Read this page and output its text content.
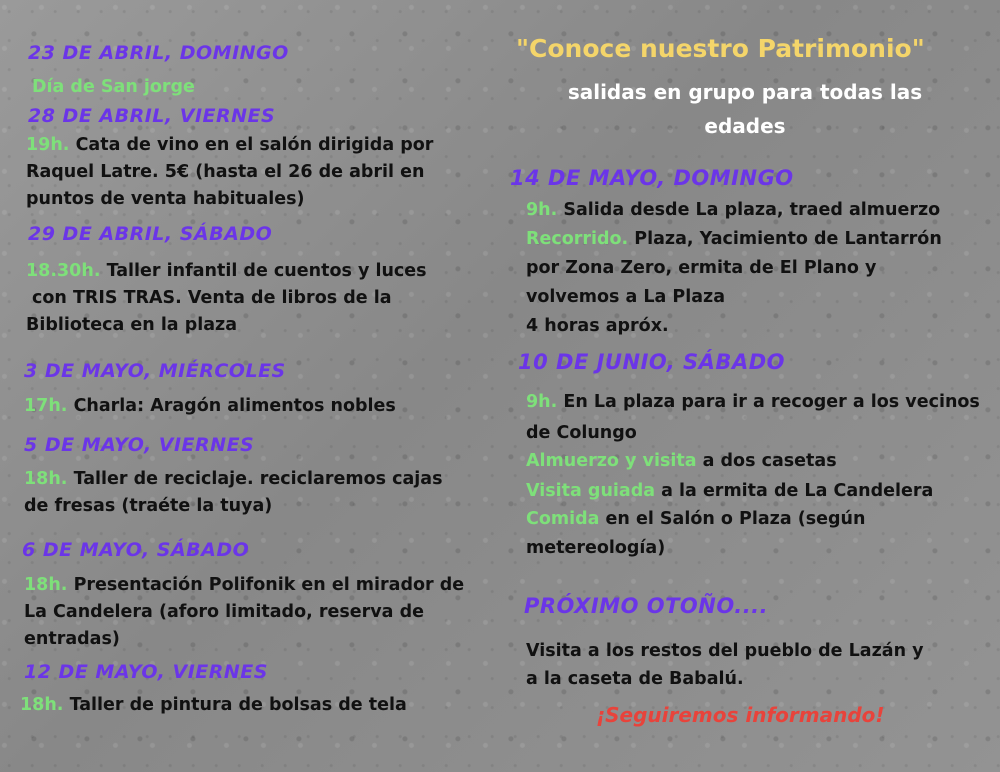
23 DE ABRIL, DOMINGO
Día de San jorge
28 DE ABRIL, VIERNES
19h. Cata de vino en el salón dirigida por
Raquel Latre. 5€ (hasta el 26 de abril en
puntos de venta habituales)
29 DE ABRIL, SÁBADO
18.30h. Taller infantil de cuentos y luces
con TRIS TRAS. Venta de libros de la
Biblioteca en la plaza
3 DE MAYO, MIÉRCOLES
17h. Charla: Aragón alimentos nobles
5 DE MAYO, VIERNES
18h. Taller de reciclaje. reciclaremos cajas
de fresas (traéte la tuya)
6 DE MAYO, SÁBADO
18h. Presentación Polifonik en el mirador de
La Candelera (aforo limitado, reserva de
entradas)
12 DE MAYO, VIERNES
18h. Taller de pintura de bolsas de tela
"Conoce nuestro Patrimonio"
salidas en grupo para todas las
edades
14 DE MAYO, DOMINGO
9h. Salida desde La plaza, traed almuerzo
Recorrido. Plaza, Yacimiento de Lantarrón
por Zona Zero, ermita de El Plano y
volvemos a La Plaza
4 horas apróx.
10 DE JUNIO, SÁBADO
9h. En La plaza para ir a recoger a los vecinos
de Colungo
Almuerzo y visita a dos casetas
Visita guiada a la ermita de La Candelera
Comida en el Salón o Plaza (según
metereología)
PRÓXIMO OTOÑO....
Visita a los restos del pueblo de Lazán y
a la caseta de Babalú.
¡Seguiremos informando!
